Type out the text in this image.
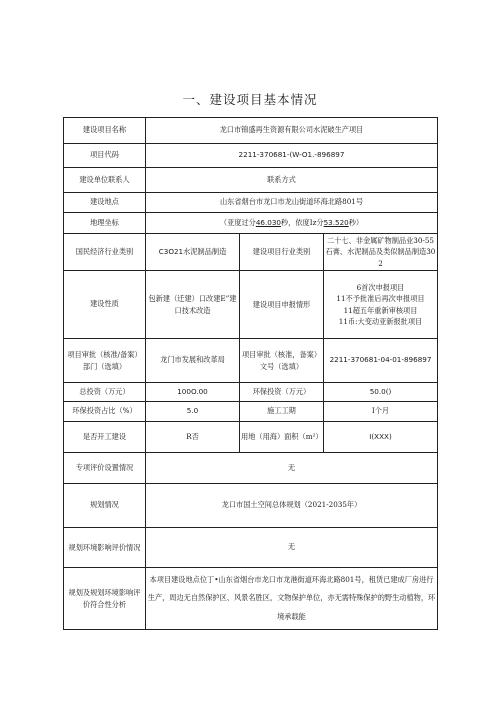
一、建设项目基本情况
建设项目名称	龙口市锦盛再生资源有限公司水泥破生产项目		
项目代码	2211-370681-(W-O1.-896897		
建设单位联系人		联系方式	
建设地点	山东省烟台市龙口市龙山街道环海北路801号		
地理坐标	（亚度过分46.030秒，依度Iz分53.520秒）		
国民经济行业类别	C3O21水泥制品制造	建设项目行业类别	二十七、非金属矿物制品业30-55石膏、水泥制品及类似制品制造302
建设性质	包新建（迁建）口改建E”建口技术改造	建设项目申报情形	6首次申报项目
11不予批准后再次申报项目
11超五年重新审核项目
11币:大变动亚新报批项目

项目审批（核准/备案）部门（选填）	龙门市发展和改革局	项目审批（核准，备案）文号（选填）	2211-370681-04-01-896897
总投资（万元）	100O.00	环保投资（万元）	50.0()
环保投资占比（%）	5.0	施工工期	I个月
是否开工建设	R否	用地（用海）面积（m²）	I(XXX)
专项评价设置情况	无		
规划情况	龙口市国土空间总体规划（2021-2035年）		
规划环境影响评价情况	无		
规划及规划环境影响评价符合性分析	本项目建设地点位丁•山东省烟台市龙口市龙港街道环海北路801号，租赁已建成厂房进行生产，周边无自然保护区、风景名胜区，文物保护单位，亦无需特殊保护的野生动植物，环境承载能		
